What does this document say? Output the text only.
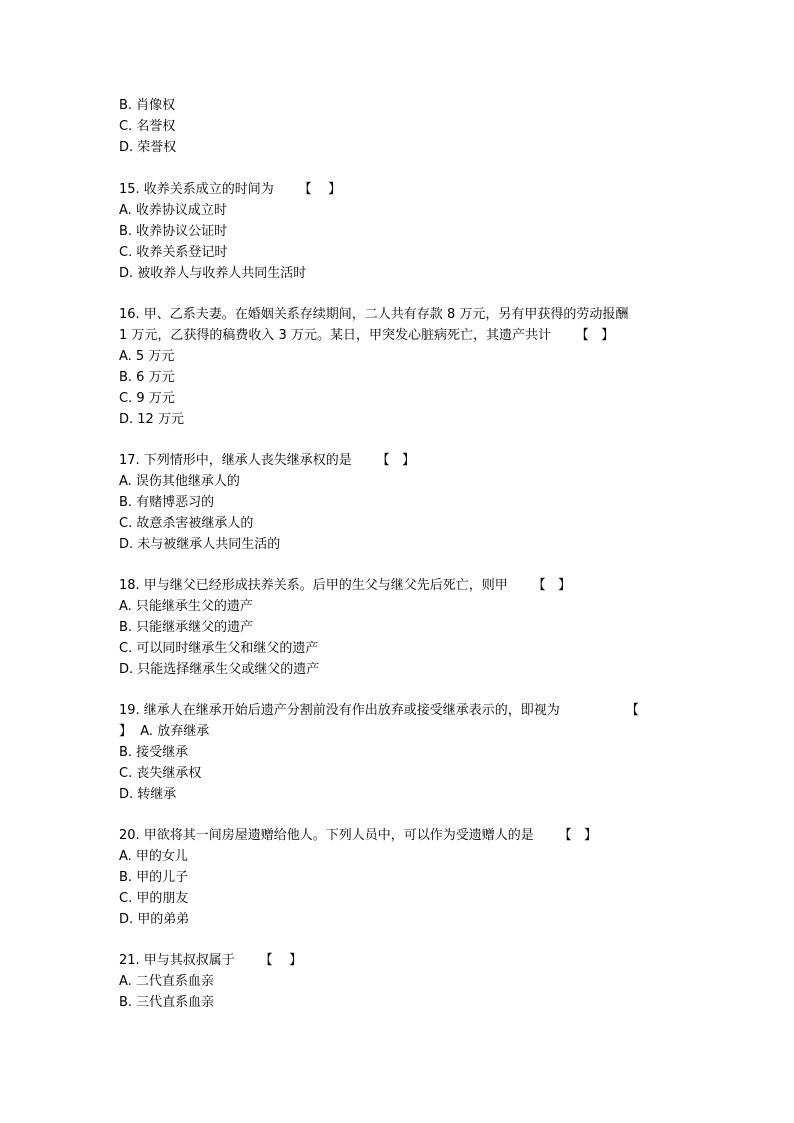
B. 肖像权
C. 名誉权
D. 荣誉权
15. 收养关系成立的时间为      【    】
A. 收养协议成立时
B. 收养协议公证时
C. 收养关系登记时
D. 被收养人与收养人共同生活时
16. 甲、乙系夫妻。在婚姻关系存续期间，二人共有存款 8 万元，另有甲获得的劳动报酬
1 万元，乙获得的稿费收入 3 万元。某日，甲突发心脏病死亡，其遗产共计      【   】
A. 5 万元
B. 6 万元
C. 9 万元
D. 12 万元
17. 下列情形中，继承人丧失继承权的是      【   】
A. 误伤其他继承人的
B. 有赌博恶习的
C. 故意杀害被继承人的
D. 未与被继承人共同生活的
18. 甲与继父已经形成扶养关系。后甲的生父与继父先后死亡，则甲      【   】
A. 只能继承生父的遗产
B. 只能继承继父的遗产
C. 可以同时继承生父和继父的遗产
D. 只能选择继承生父或继父的遗产
19. 继承人在继承开始后遗产分割前没有作出放弃或接受继承表示的，即视为                【
】  A. 放弃继承
B. 接受继承
C. 丧失继承权
D. 转继承
20. 甲欲将其一间房屋遗赠给他人。下列人员中，可以作为受遗赠人的是      【   】
A. 甲的女儿
B. 甲的儿子
C. 甲的朋友
D. 甲的弟弟
21. 甲与其叔叔属于      【    】
A. 二代直系血亲
B. 三代直系血亲
